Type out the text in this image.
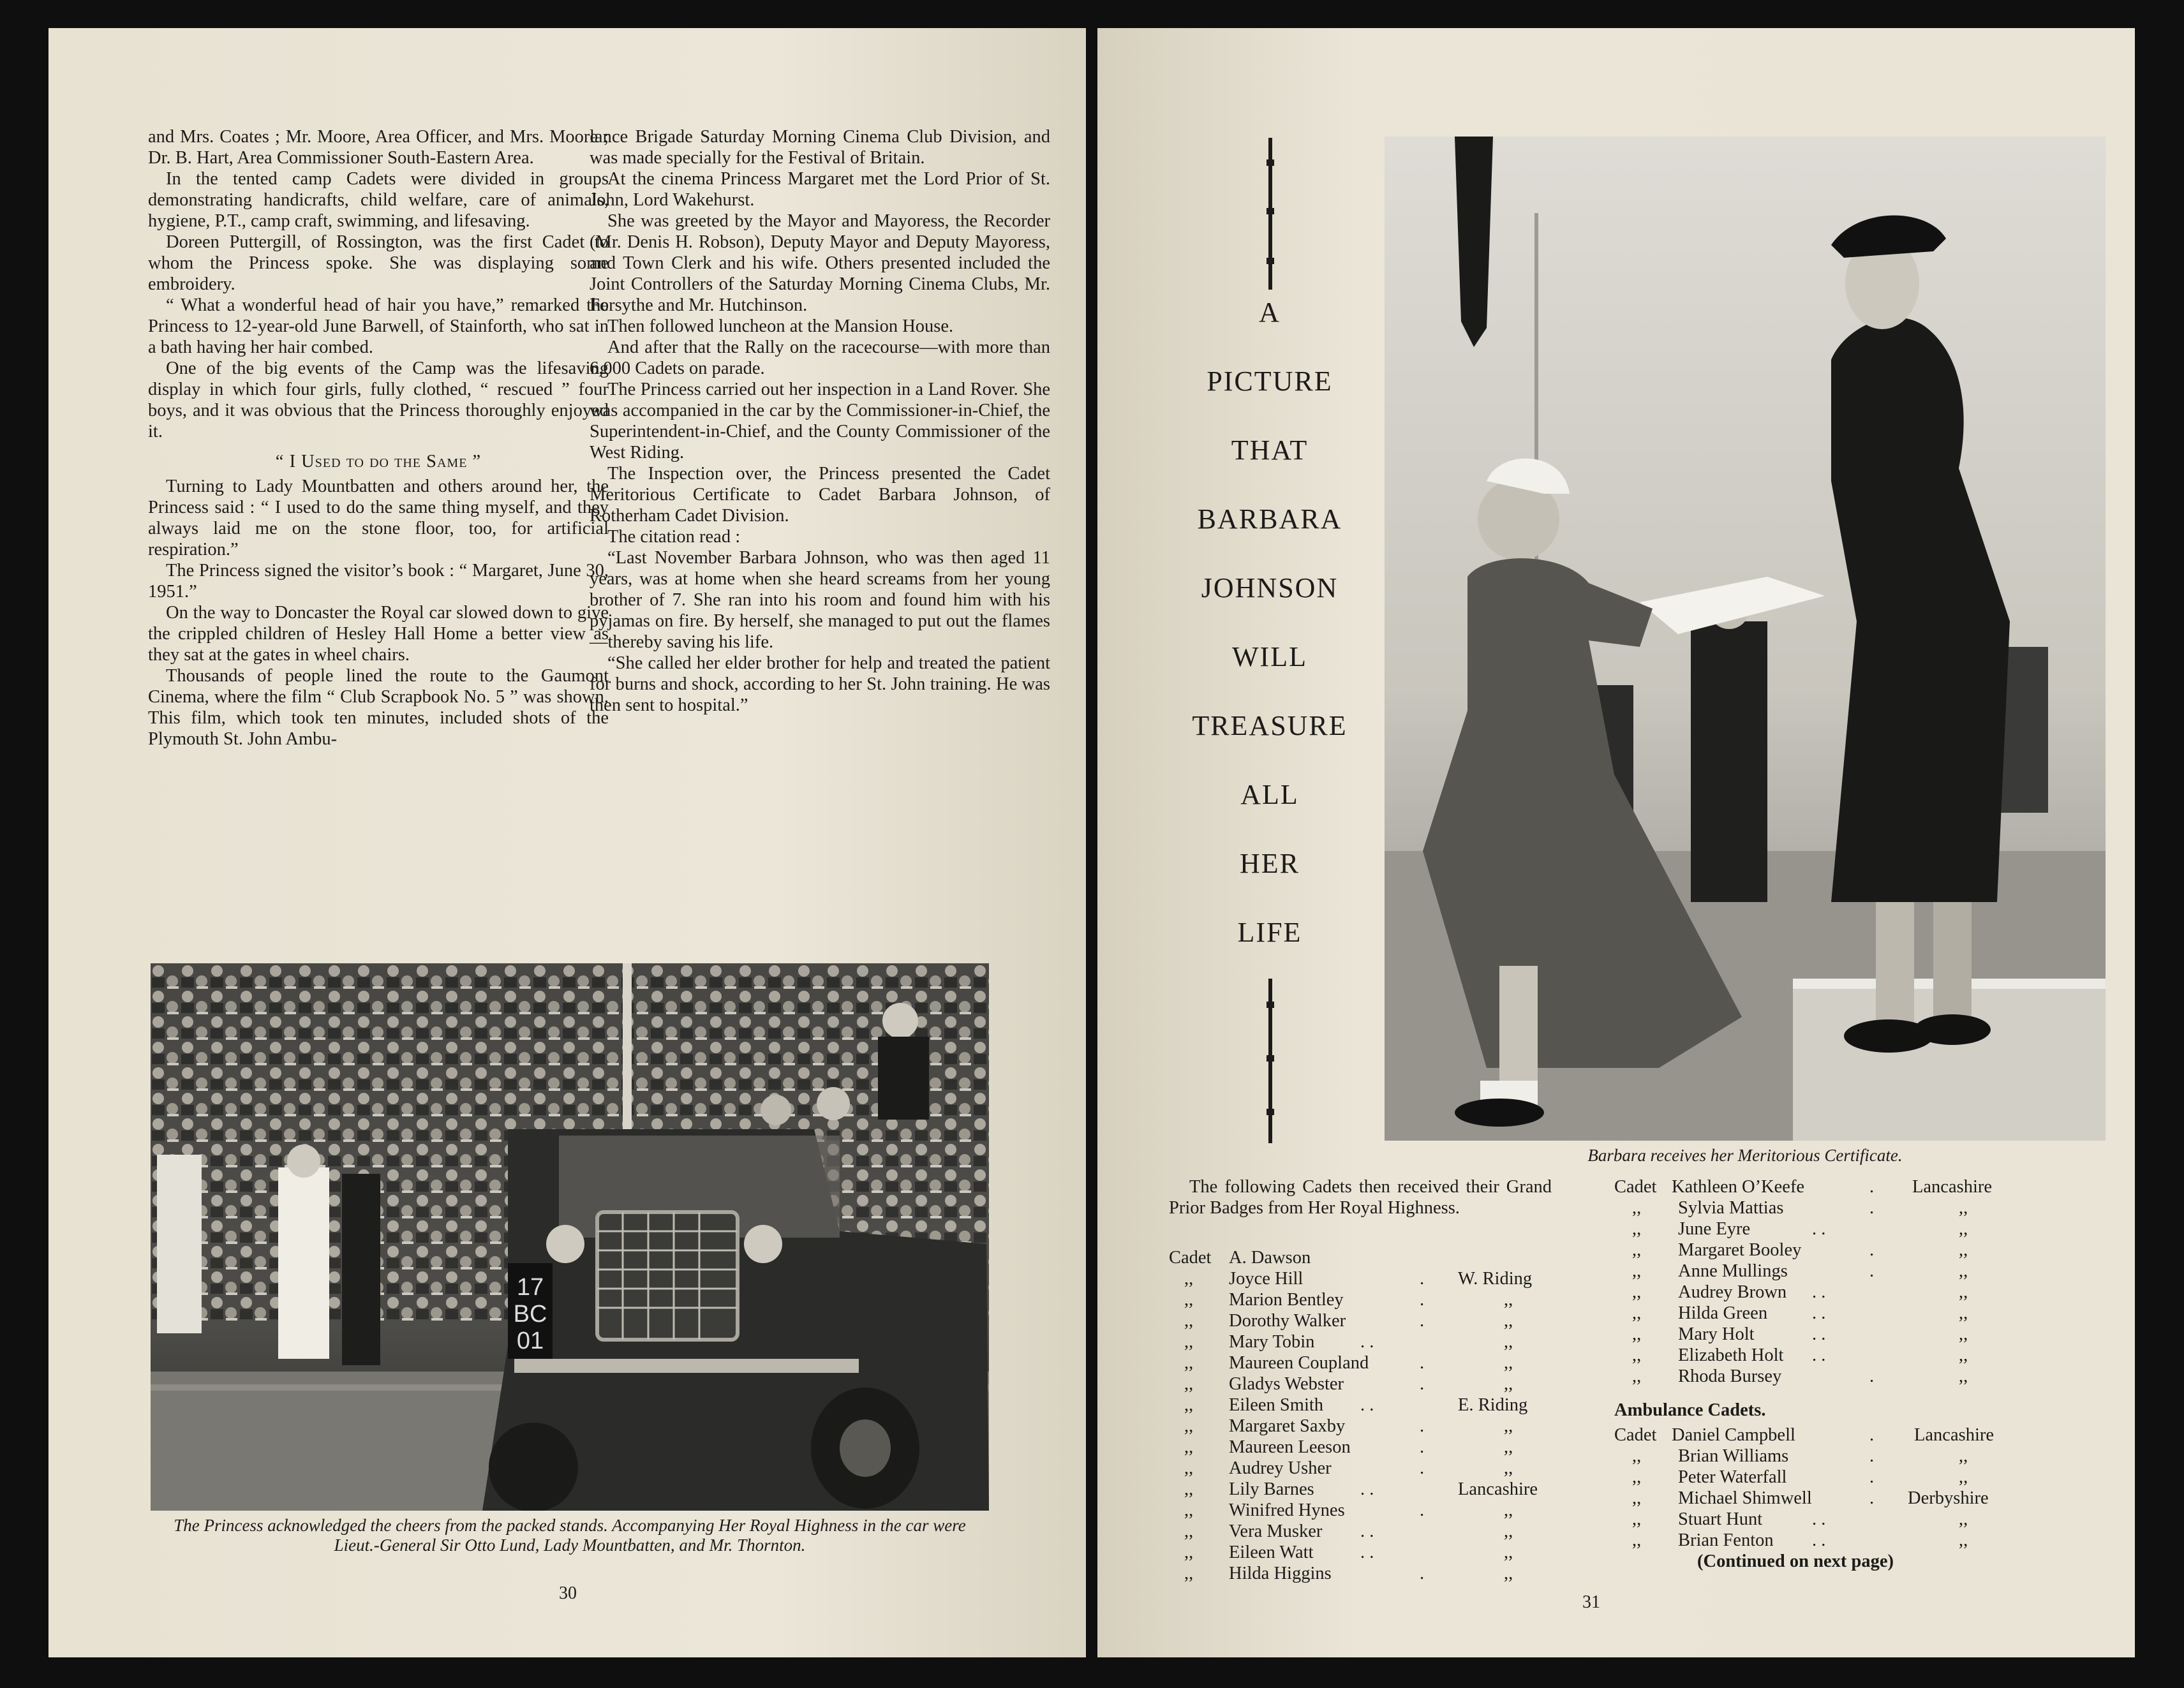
and Mrs. Coates ; Mr. Moore, Area Officer, and Mrs. Moore ; Dr. B. Hart, Area Commissioner South-Eastern Area.

In the tented camp Cadets were divided in groups demonstrating handicrafts, child welfare, care of animals, hygiene, P.T., camp craft, swimming, and lifesaving.

Doreen Puttergill, of Rossington, was the first Cadet to whom the Princess spoke. She was displaying some embroidery.

“ What a wonderful head of hair you have,” remarked the Princess to 12-year-old June Barwell, of Stainforth, who sat in a bath having her hair combed.

One of the big events of the Camp was the lifesaving display in which four girls, fully clothed, “ rescued ” four boys, and it was obvious that the Princess thoroughly enjoyed it.

“ I Used to do the Same ”

Turning to Lady Mountbatten and others around her, the Princess said : “ I used to do the same thing myself, and they always laid me on the stone floor, too, for artificial respiration.”

The Princess signed the visitor’s book : “ Margaret, June 30, 1951.”

On the way to Doncaster the Royal car slowed down to give the crippled children of Hesley Hall Home a better view as they sat at the gates in wheel chairs.

Thousands of people lined the route to the Gaumont Cinema, where the film “ Club Scrapbook No. 5 ” was shown. This film, which took ten minutes, included shots of the Plymouth St. John Ambu-

lance Brigade Saturday Morning Cinema Club Division, and was made specially for the Festival of Britain.

At the cinema Princess Margaret met the Lord Prior of St. John, Lord Wakehurst.

She was greeted by the Mayor and Mayoress, the Recorder (Mr. Denis H. Robson), Deputy Mayor and Deputy Mayoress, and Town Clerk and his wife. Others presented included the Joint Controllers of the Saturday Morning Cinema Clubs, Mr. Forsythe and Mr. Hutchinson.

Then followed luncheon at the Mansion House.

And after that the Rally on the racecourse—with more than 6,000 Cadets on parade.

The Princess carried out her inspection in a Land Rover. She was accompanied in the car by the Commissioner-in-Chief, the Superintendent-in-Chief, and the County Commissioner of the West Riding.

The Inspection over, the Princess presented the Cadet Meritorious Certificate to Cadet Barbara Johnson, of Rotherham Cadet Division.

The citation read :

“Last November Barbara Johnson, who was then aged 11 years, was at home when she heard screams from her young brother of 7. She ran into his room and found him with his pyjamas on fire. By herself, she managed to put out the flames—thereby saving his life.

“She called her elder brother for help and treated the patient for burns and shock, according to her St. John training. He was then sent to hospital.”

17
BC
01
The Princess acknowledged the cheers from the packed stands. Accompanying Her Royal Highness in the car were Lieut.-General Sir Otto Lund, Lady Mountbatten, and Mr. Thornton.
30
A
PICTURE
THAT
BARBARA
JOHNSON
WILL
TREASURE
ALL
HER
LIFE
Barbara receives her Meritorious Certificate.

The following Cadets then received their Grand Prior Badges from Her Royal Highness.

Cadet A. Dawson
,, Joyce Hill	. W. Riding
,, Marion Bentley	.	,,
,, Dorothy Walker	.	,,
,, Mary Tobin	. .	,,
,, Maureen Coupland	.	,,
,, Gladys Webster	.	,,
,, Eileen Smith . .	E. Riding
,, Margaret Saxby	.	,,
,, Maureen Leeson	.	,,
,, Audrey Usher	.	,,
,, Lily Barnes	. .	Lancashire
,, Winifred Hynes	.	,,
,, Vera Musker . .	,,
,, Eileen Watt	. .	,,
,, Hilda Higgins	.	,,
Cadet Kathleen O’Keefe	. Lancashire
,, Sylvia Mattias	.	,,
,, June Eyre	. .	,,
,, Margaret Booley	.	,,
,, Anne Mullings	.	,,
,, Audrey Brown . .	,,
,, Hilda Green . .	,,
,, Mary Holt	. .	,,
,, Elizabeth Holt . .	,,
,, Rhoda Bursey	.	,,
Ambulance Cadets.
Cadet Daniel Campbell	. Lancashire
,, Brian Williams	.	,,
,, Peter Waterfall	.	,,
,, Michael Shimwell	. Derbyshire
,, Stuart Hunt	. .	,,
,, Brian Fenton . .	,,
(Continued on next page)
31
